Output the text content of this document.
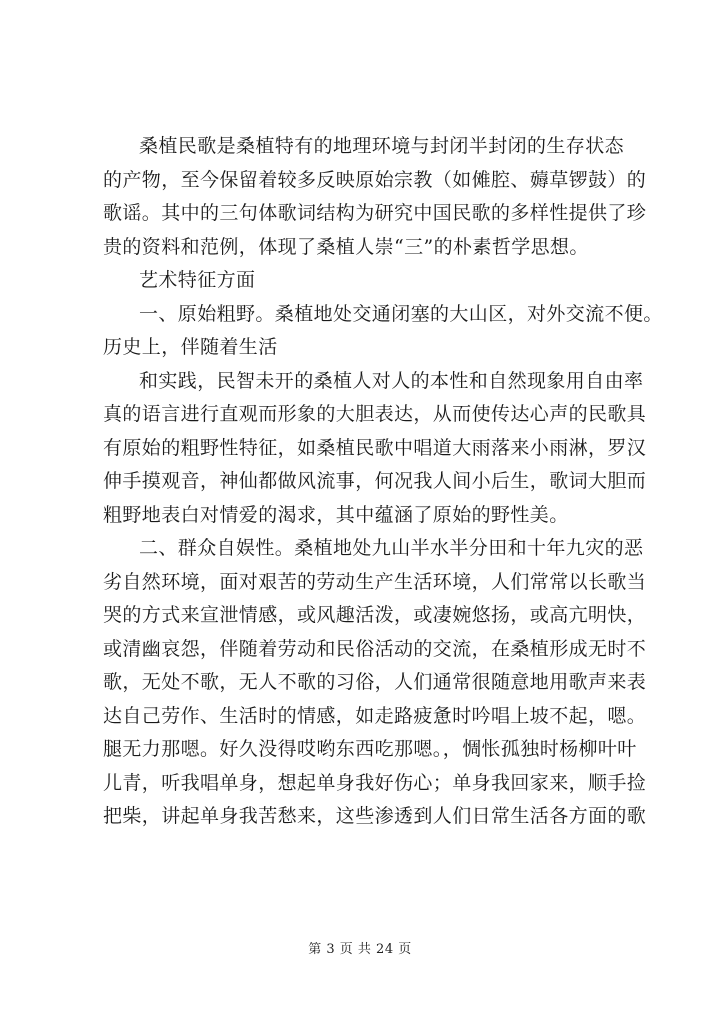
桑植民歌是桑植特有的地理环境与封闭半封闭的生存状态
的产物，至今保留着较多反映原始宗教（如傩腔、薅草锣鼓）的
歌谣。其中的三句体歌词结构为研究中国民歌的多样性提供了珍
贵的资料和范例，体现了桑植人崇“三”的朴素哲学思想。

艺术特征方面

一、原始粗野。桑植地处交通闭塞的大山区，对外交流不便。
历史上，伴随着生活

和实践，民智未开的桑植人对人的本性和自然现象用自由率
真的语言进行直观而形象的大胆表达，从而使传达心声的民歌具
有原始的粗野性特征，如桑植民歌中唱道大雨落来小雨淋，罗汉
伸手摸观音，神仙都做风流事，何况我人间小后生，歌词大胆而
粗野地表白对情爱的渴求，其中蕴涵了原始的野性美。

二、群众自娱性。桑植地处九山半水半分田和十年九灾的恶
劣自然环境，面对艰苦的劳动生产生活环境，人们常常以长歌当
哭的方式来宣泄情感，或风趣活泼，或凄婉悠扬，或高亢明快，
或清幽哀怨，伴随着劳动和民俗活动的交流，在桑植形成无时不
歌，无处不歌，无人不歌的习俗，人们通常很随意地用歌声来表
达自己劳作、生活时的情感，如走路疲惫时吟唱上坡不起，嗯。
腿无力那嗯。好久没得哎哟东西吃那嗯。，惆怅孤独时杨柳叶叶
儿青，听我唱单身，想起单身我好伤心；单身我回家来，顺手捡
把柴，讲起单身我苦愁来，这些渗透到人们日常生活各方面的歌

第 3 页 共 24 页
